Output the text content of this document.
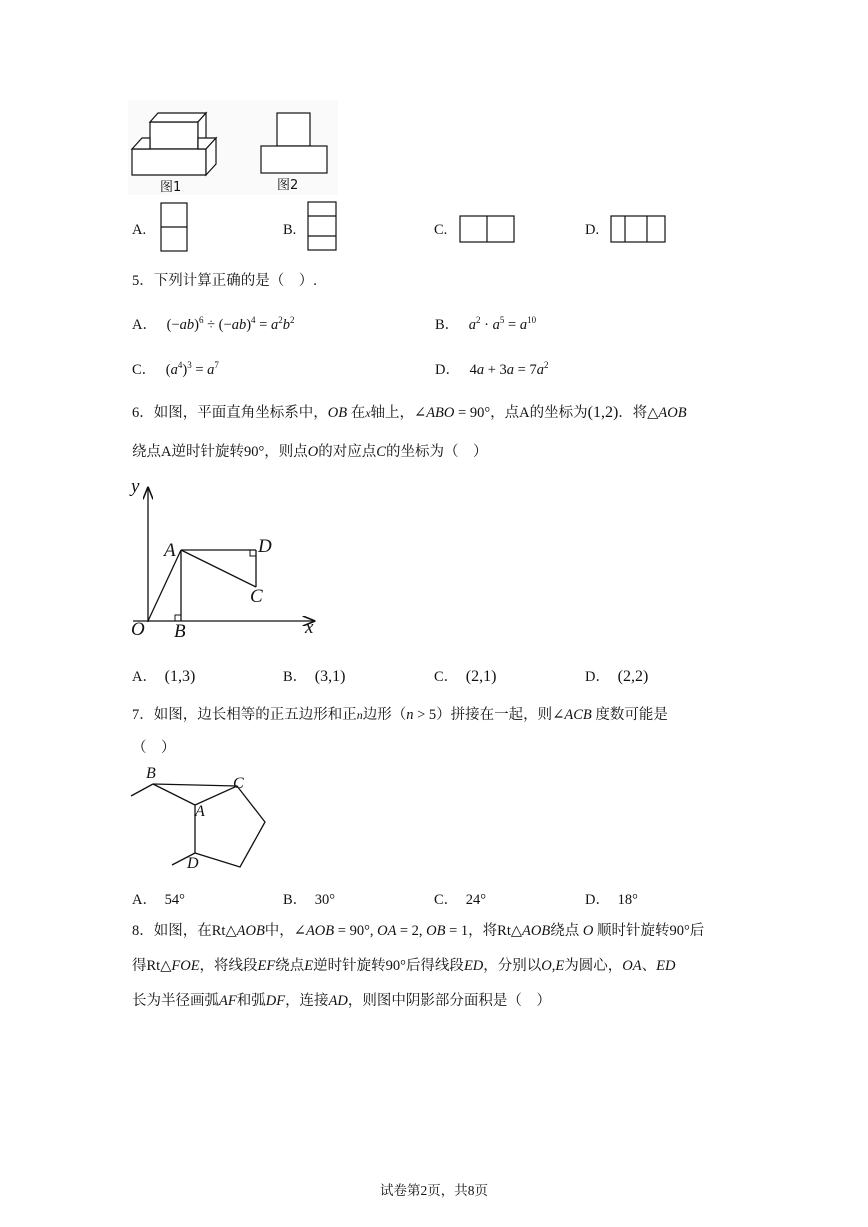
图1	图2
A.	B.	C.	D.
5．下列计算正确的是（　）.
A． $(-ab)^6 \div (-ab)^4 = a^2b^2$	B． $a^2 \cdot a^5 = a^{10}$
C． $(a^4)^3 = a^7$	D． $4a + 3a = 7a^2$
6．如图，平面直角坐标系中，OB 在x轴上，∠ABO = 90°，点A的坐标为(1,2)．将△AOB
绕点A逆时针旋转90°，则点O的对应点C的坐标为（　）
y
x
O
A
B
C
D
A． (1,3)	B． (3,1)	C． (2,1)	D． (2,2)
7．如图，边长相等的正五边形和正n边形（n > 5）拼接在一起，则∠ACB 度数可能是
（　）
B
C
A
D
A． 54°	B． 30°	C． 24°	D． 18°
8．如图，在Rt△AOB中，∠AOB = 90°, OA = 2, OB = 1，将Rt△AOB绕点 O 顺时针旋转90°后
得Rt△FOE，将线段EF绕点E逆时针旋转90°后得线段ED，分别以O,E为圆心，OA、ED
长为半径画弧AF和弧DF，连接AD，则图中阴影部分面积是（　）
试卷第2页，共8页
